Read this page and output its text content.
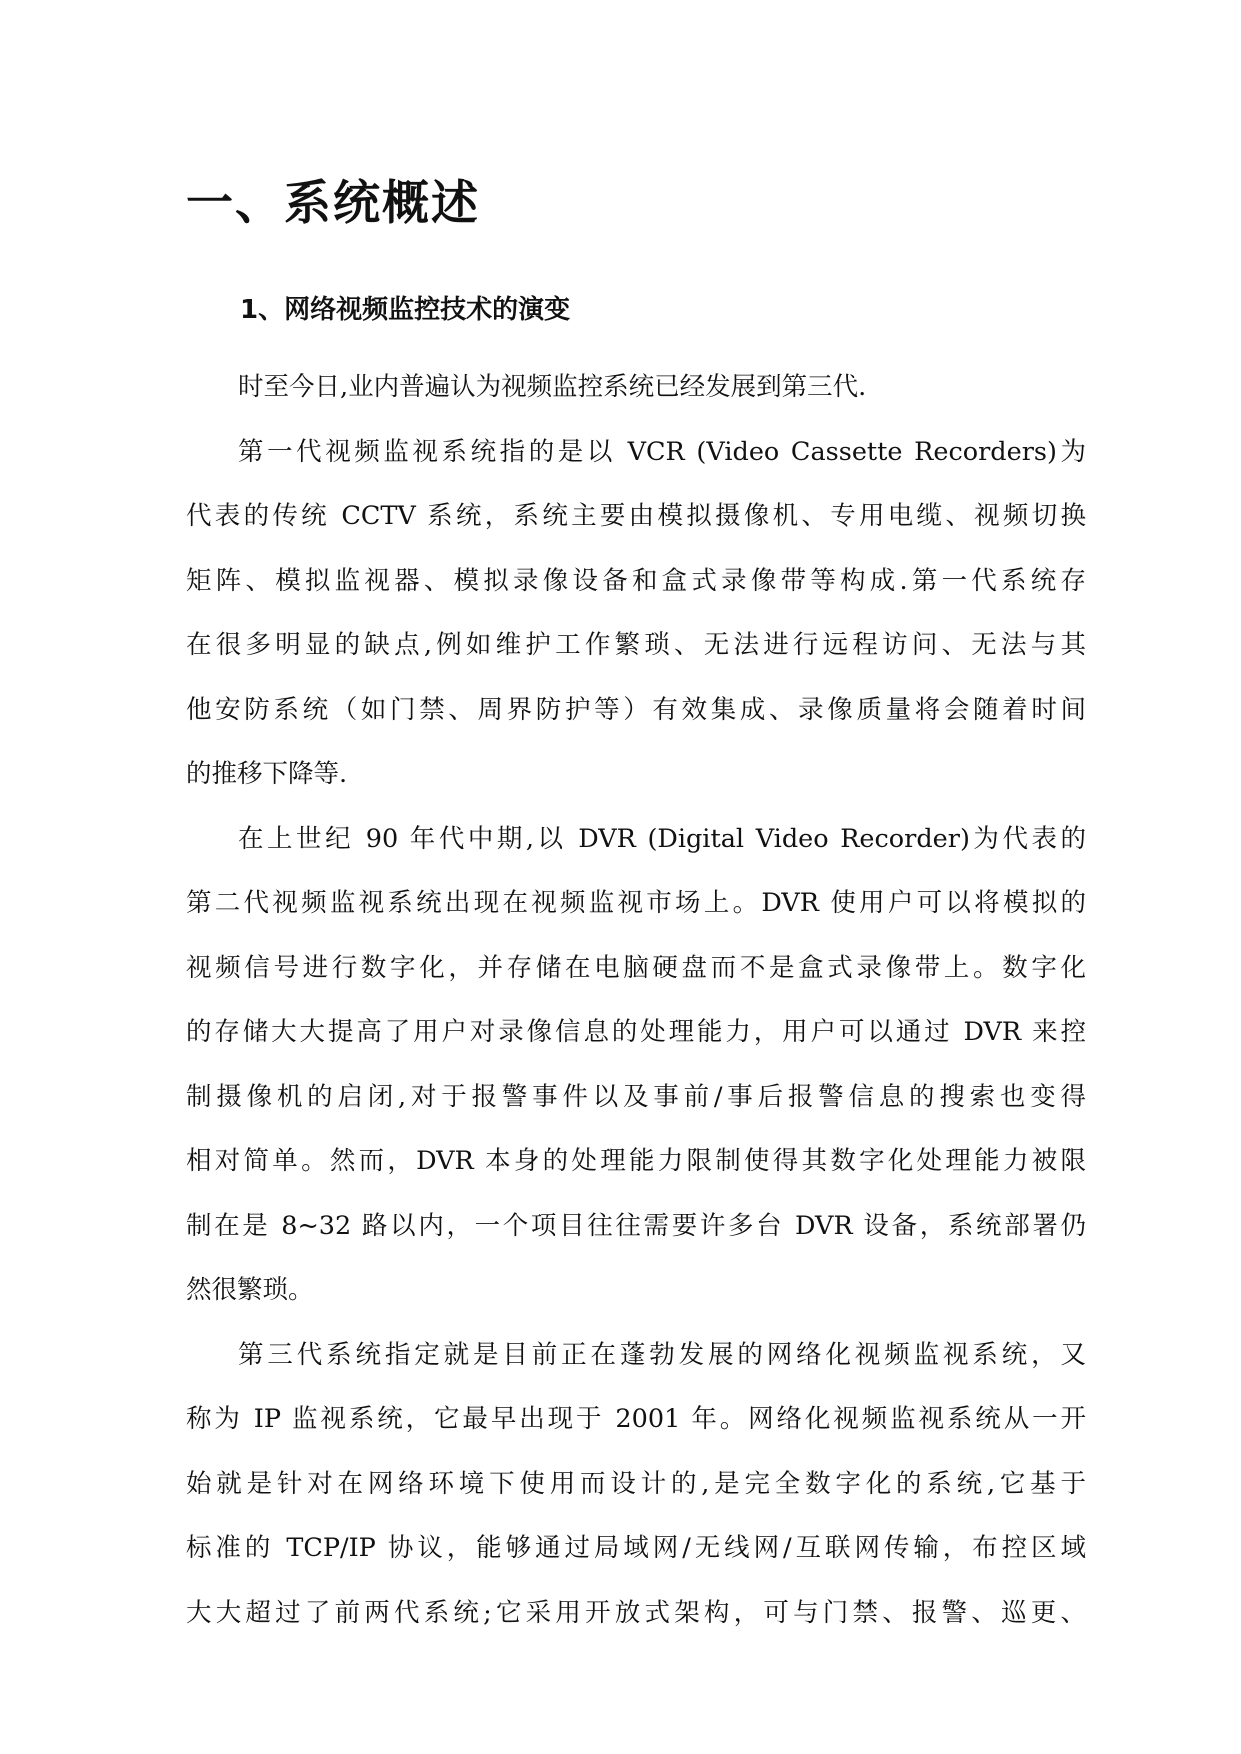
一、系统概述
1、网络视频监控技术的演变

时至今日,业内普遍认为视频监控系统已经发展到第三代.

第一代视频监视系统指的是以 VCR (Video Cassette Recorders)为
代表的传统 CCTV 系统，系统主要由模拟摄像机、专用电缆、视频切换
矩阵、模拟监视器、模拟录像设备和盒式录像带等构成.第一代系统存
在很多明显的缺点,例如维护工作繁琐、无法进行远程访问、无法与其
他安防系统（如门禁、周界防护等）有效集成、录像质量将会随着时间
的推移下降等.

在上世纪 90 年代中期,以 DVR (Digital Video Recorder)为代表的
第二代视频监视系统出现在视频监视市场上。DVR 使用户可以将模拟的
视频信号进行数字化，并存储在电脑硬盘而不是盒式录像带上。数字化
的存储大大提高了用户对录像信息的处理能力，用户可以通过 DVR 来控
制摄像机的启闭,对于报警事件以及事前/事后报警信息的搜索也变得
相对简单。然而，DVR 本身的处理能力限制使得其数字化处理能力被限
制在是 8~32 路以内，一个项目往往需要许多台 DVR 设备，系统部署仍
然很繁琐。

第三代系统指定就是目前正在蓬勃发展的网络化视频监视系统，又
称为 IP 监视系统，它最早出现于 2001 年。网络化视频监视系统从一开
始就是针对在网络环境下使用而设计的,是完全数字化的系统,它基于
标准的 TCP/IP 协议，能够通过局域网/无线网/互联网传输，布控区域
大大超过了前两代系统;它采用开放式架构，可与门禁、报警、巡更、
